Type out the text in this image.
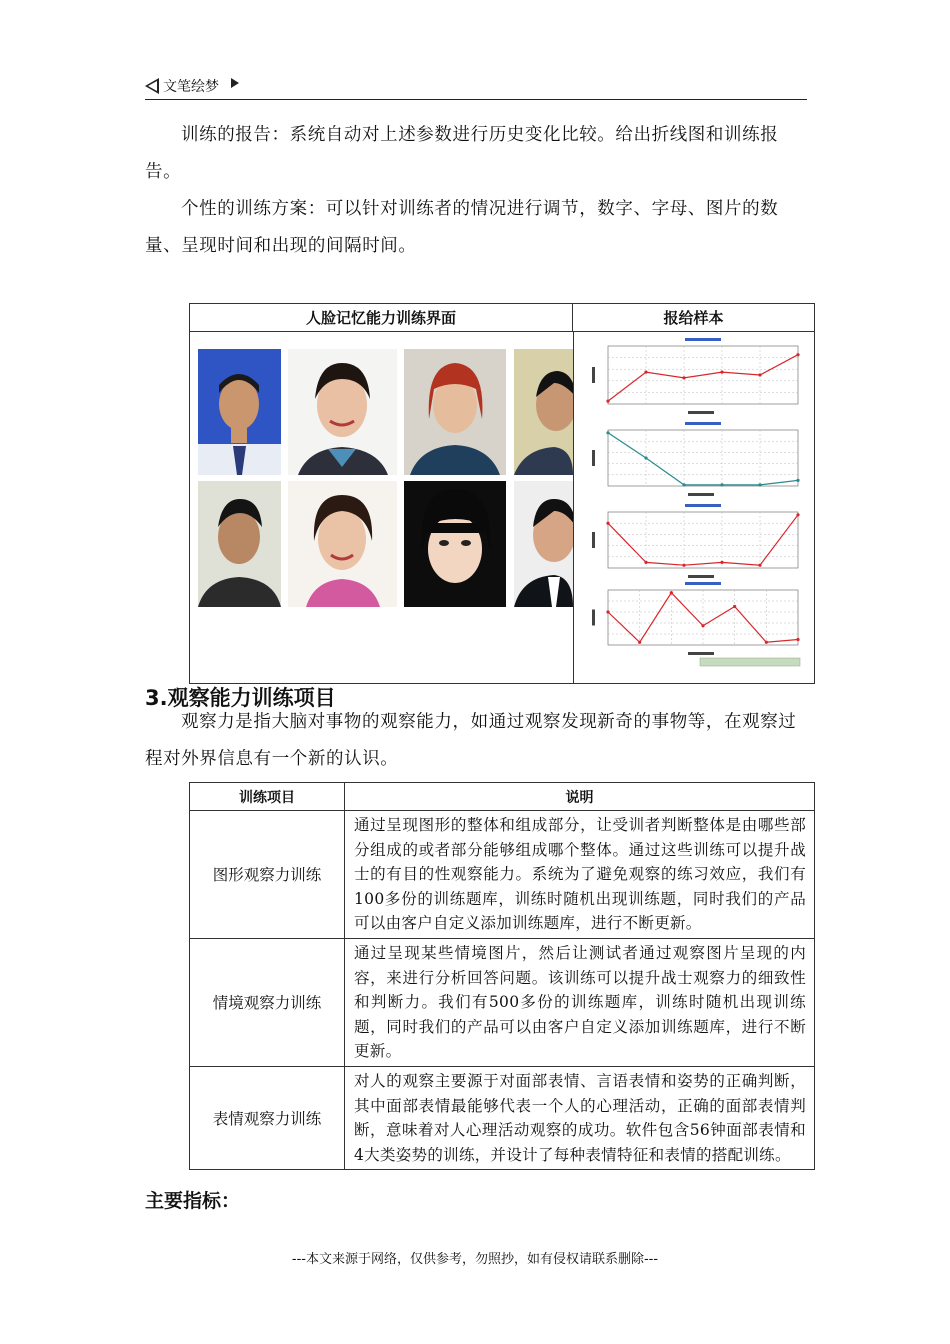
文笔绘梦
训练的报告：系统自动对上述参数进行历史变化比较。给出折线图和训练报告。
个性的训练方案：可以针对训练者的情况进行调节，数字、字母、图片的数量、呈现时间和出现的间隔时间。
人脸记忆能力训练界面	报给样本
3.观察能力训练项目
观察力是指大脑对事物的观察能力，如通过观察发现新奇的事物等，在观察过程对外界信息有一个新的认识。
训练项目	说明
图形观察力训练	通过呈现图形的整体和组成部分，让受训者判断整体是由哪些部分组成的或者部分能够组成哪个整体。通过这些训练可以提升战士的有目的性观察能力。系统为了避免观察的练习效应，我们有100多份的训练题库，训练时随机出现训练题，同时我们的产品可以由客户自定义添加训练题库，进行不断更新。
情境观察力训练	通过呈现某些情境图片，然后让测试者通过观察图片呈现的内容，来进行分析回答问题。该训练可以提升战士观察力的细致性和判断力。我们有500多份的训练题库，训练时随机出现训练题，同时我们的产品可以由客户自定义添加训练题库，进行不断更新。
表情观察力训练	对人的观察主要源于对面部表情、言语表情和姿势的正确判断，其中面部表情最能够代表一个人的心理活动，正确的面部表情判断，意味着对人心理活动观察的成功。软件包含56钟面部表情和4大类姿势的训练，并设计了每种表情特征和表情的搭配训练。
主要指标：
---本文来源于网络，仅供参考，勿照抄，如有侵权请联系删除---
